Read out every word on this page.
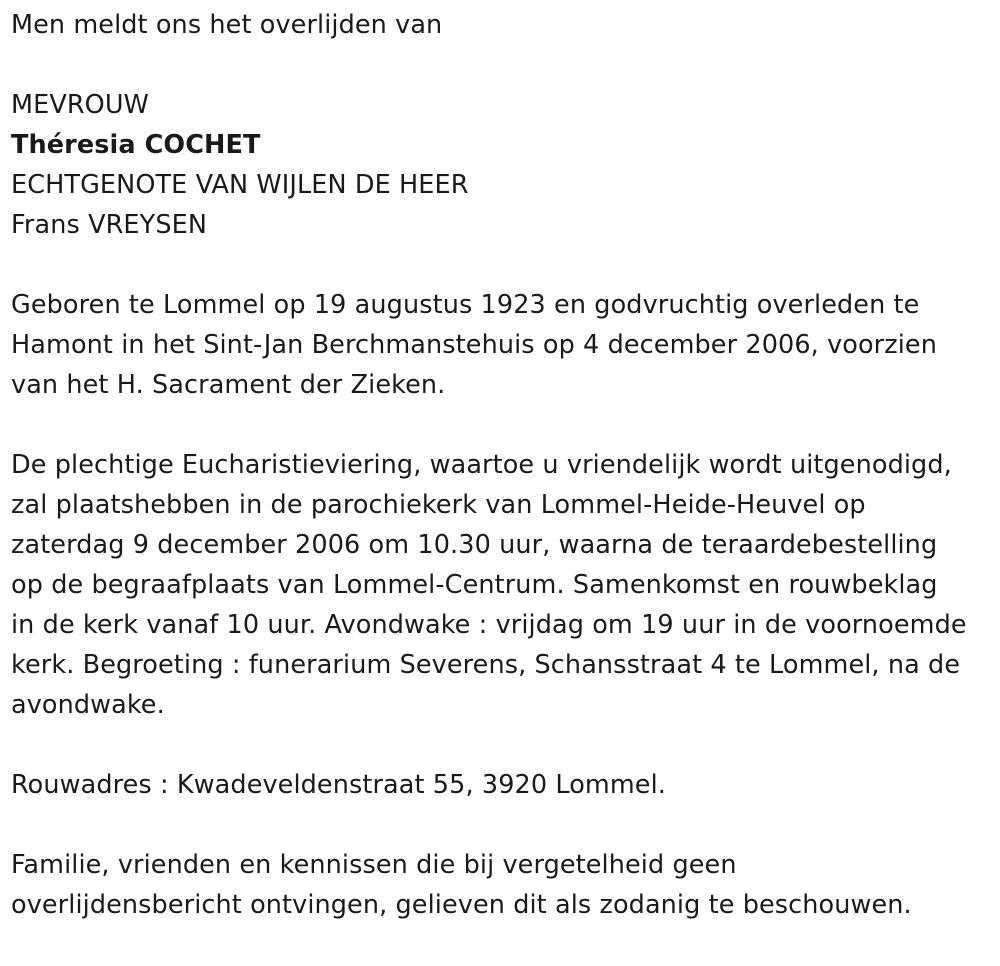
Men meldt ons het overlijden van

MEVROUW

Théresia COCHET

ECHTGENOTE VAN WIJLEN DE HEER

Frans VREYSEN

Geboren te Lommel op 19 augustus 1923 en godvruchtig overleden te

Hamont in het Sint-Jan Berchmanstehuis op 4 december 2006, voorzien

van het H. Sacrament der Zieken.

De plechtige Eucharistieviering, waartoe u vriendelijk wordt uitgenodigd,

zal plaatshebben in de parochiekerk van Lommel-Heide-Heuvel op

zaterdag 9 december 2006 om 10.30 uur, waarna de teraardebestelling

op de begraafplaats van Lommel-Centrum. Samenkomst en rouwbeklag

in de kerk vanaf 10 uur. Avondwake : vrijdag om 19 uur in de voornoemde

kerk. Begroeting : funerarium Severens, Schansstraat 4 te Lommel, na de

avondwake.

Rouwadres : Kwadeveldenstraat 55, 3920 Lommel.

Familie, vrienden en kennissen die bij vergetelheid geen

overlijdensbericht ontvingen, gelieven dit als zodanig te beschouwen.
